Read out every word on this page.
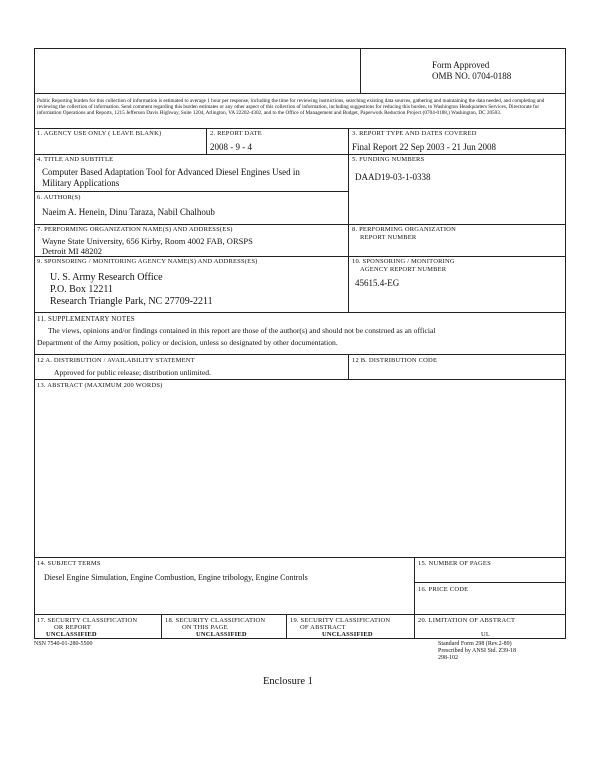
Form Approved
OMB NO. 0704-0188
Public Reporting burden for this collection of information is estimated to average 1 hour per response, including the time for reviewing instructions, searching existing data sources, gathering and maintaining the data needed, and completing and reviewing the collection of information. Send comment regarding this burden estimates or any other aspect of this collection of information, including suggestions for reducing this burden, to Washington Headquarters Services, Directorate for information Operations and Reports, 1215 Jefferson Davis Highway, Suite 1204, Arlington, VA 22202-4302, and to the Office of Management and Budget, Paperwork Reduction Project (0704-0188,) Washington, DC 20503.
1. AGENCY USE ONLY ( LEAVE BLANK)	2. REPORT DATE
2008 - 9 - 4
3. REPORT TYPE AND DATES COVERED
Final Report 22 Sep 2003 - 21 Jun 2008
4. TITLE AND SUBTITLE
Computer Based Adaptation Tool for Advanced Diesel Engines Used in
Military Applications
5. FUNDING NUMBERS
DAAD19-03-1-0338
6. AUTHOR(S)
Naeim A. Henein, Dinu Taraza, Nabil Chalhoub
7. PERFORMING ORGANIZATION NAME(S) AND ADDRESS(ES)
Wayne State University, 656 Kirby, Room 4002 FAB, ORSPS
Detroit MI 48202
8. PERFORMING ORGANIZATION
REPORT NUMBER
9. SPONSORING / MONITORING AGENCY NAME(S) AND ADDRESS(ES)
U. S. Army Research Office
P.O. Box 12211
Research Triangle Park, NC 27709-2211
10. SPONSORING / MONITORING
AGENCY REPORT NUMBER
45615.4-EG
11. SUPPLEMENTARY NOTES
The views, opinions and/or findings contained in this report are those of the author(s) and should not be construed as an official
Department of the Army position, policy or decision, unless so designated by other documentation.
12 A. DISTRIBUTION / AVAILABILITY STATEMENT
Approved for public release; distribution unlimited.
12 B. DISTRIBUTION CODE
13. ABSTRACT (MAXIMUM 200 WORDS)
14. SUBJECT TERMS
Diesel Engine Simulation, Engine Combustion, Engine tribology, Engine Controls
15. NUMBER OF PAGES
16. PRICE CODE
17. SECURITY CLASSIFICATION
OR REPORT
UNCLASSIFIED
18. SECURITY CLASSIFICATION
ON THIS PAGE
UNCLASSIFIED
19. SECURITY CLASSIFICATION
OF ABSTRACT
UNCLASSIFIED
20. LIMITATION OF ABSTRACT
UL
NSN 7540-01-280-5500	Standard Form 298 (Rev.2-89)
Prescribed by ANSI Std. Z39-18
298-102
Enclosure 1
